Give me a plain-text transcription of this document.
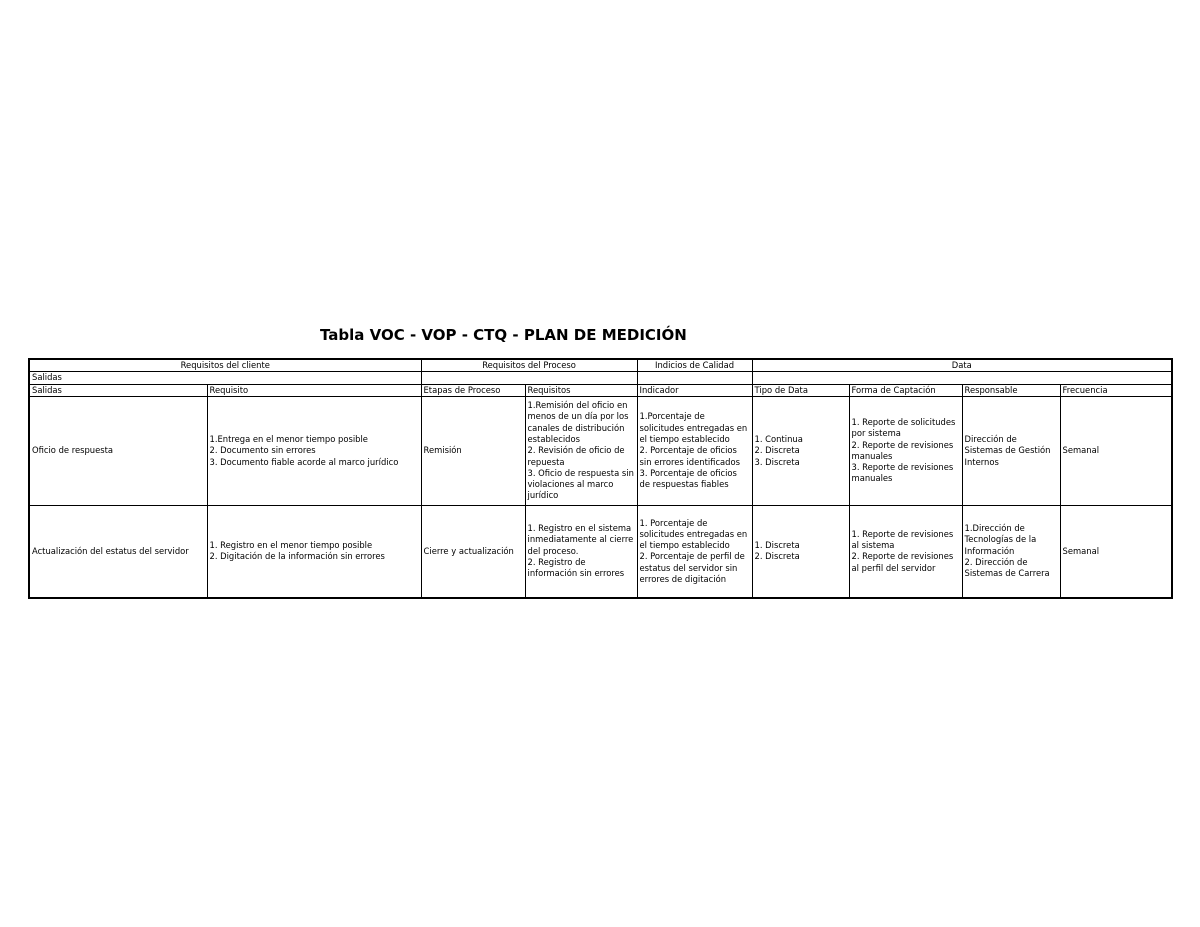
Tabla VOC - VOP - CTQ - PLAN DE MEDICIÓN
Requisitos del cliente		Requisitos del Proceso		Indicios de Calidad	Data			
Salidas								
Salidas	Requisito	Etapas de Proceso	Requisitos	Indicador	Tipo de Data	Forma de Captación	Responsable	Frecuencia
Oficio de respuesta	1.Entrega en el menor tiempo posible
2. Documento sin errores
3. Documento fiable acorde al marco jurídico	Remisión	1.Remisión del oficio en menos de un día por los canales de distribución establecidos
2. Revisión de oficio de repuesta
3. Oficio de respuesta sin violaciones al marco jurídico	1.Porcentaje de solicitudes entregadas en el tiempo establecido
2. Porcentaje de oficios sin errores identificados
3. Porcentaje de oficios de respuestas fiables	1. Continua
2. Discreta
3. Discreta	1. Reporte de solicitudes por sistema
2. Reporte de revisiones manuales
3. Reporte de revisiones manuales	Dirección de Sistemas de Gestión Internos	Semanal
Actualización del estatus del servidor	1. Registro en el menor tiempo posible
2. Digitación de la información sin errores	Cierre y actualización	1. Registro en el sistema inmediatamente al cierre del proceso.
2. Registro de información sin errores	1. Porcentaje de solicitudes entregadas en el tiempo establecido
2. Porcentaje de perfil de estatus del servidor sin errores de digitación	1. Discreta
2. Discreta	1. Reporte de revisiones al sistema
2. Reporte de revisiones al perfil del servidor	1.Dirección de Tecnologías de la Información
2. Dirección de Sistemas de Carrera	Semanal
